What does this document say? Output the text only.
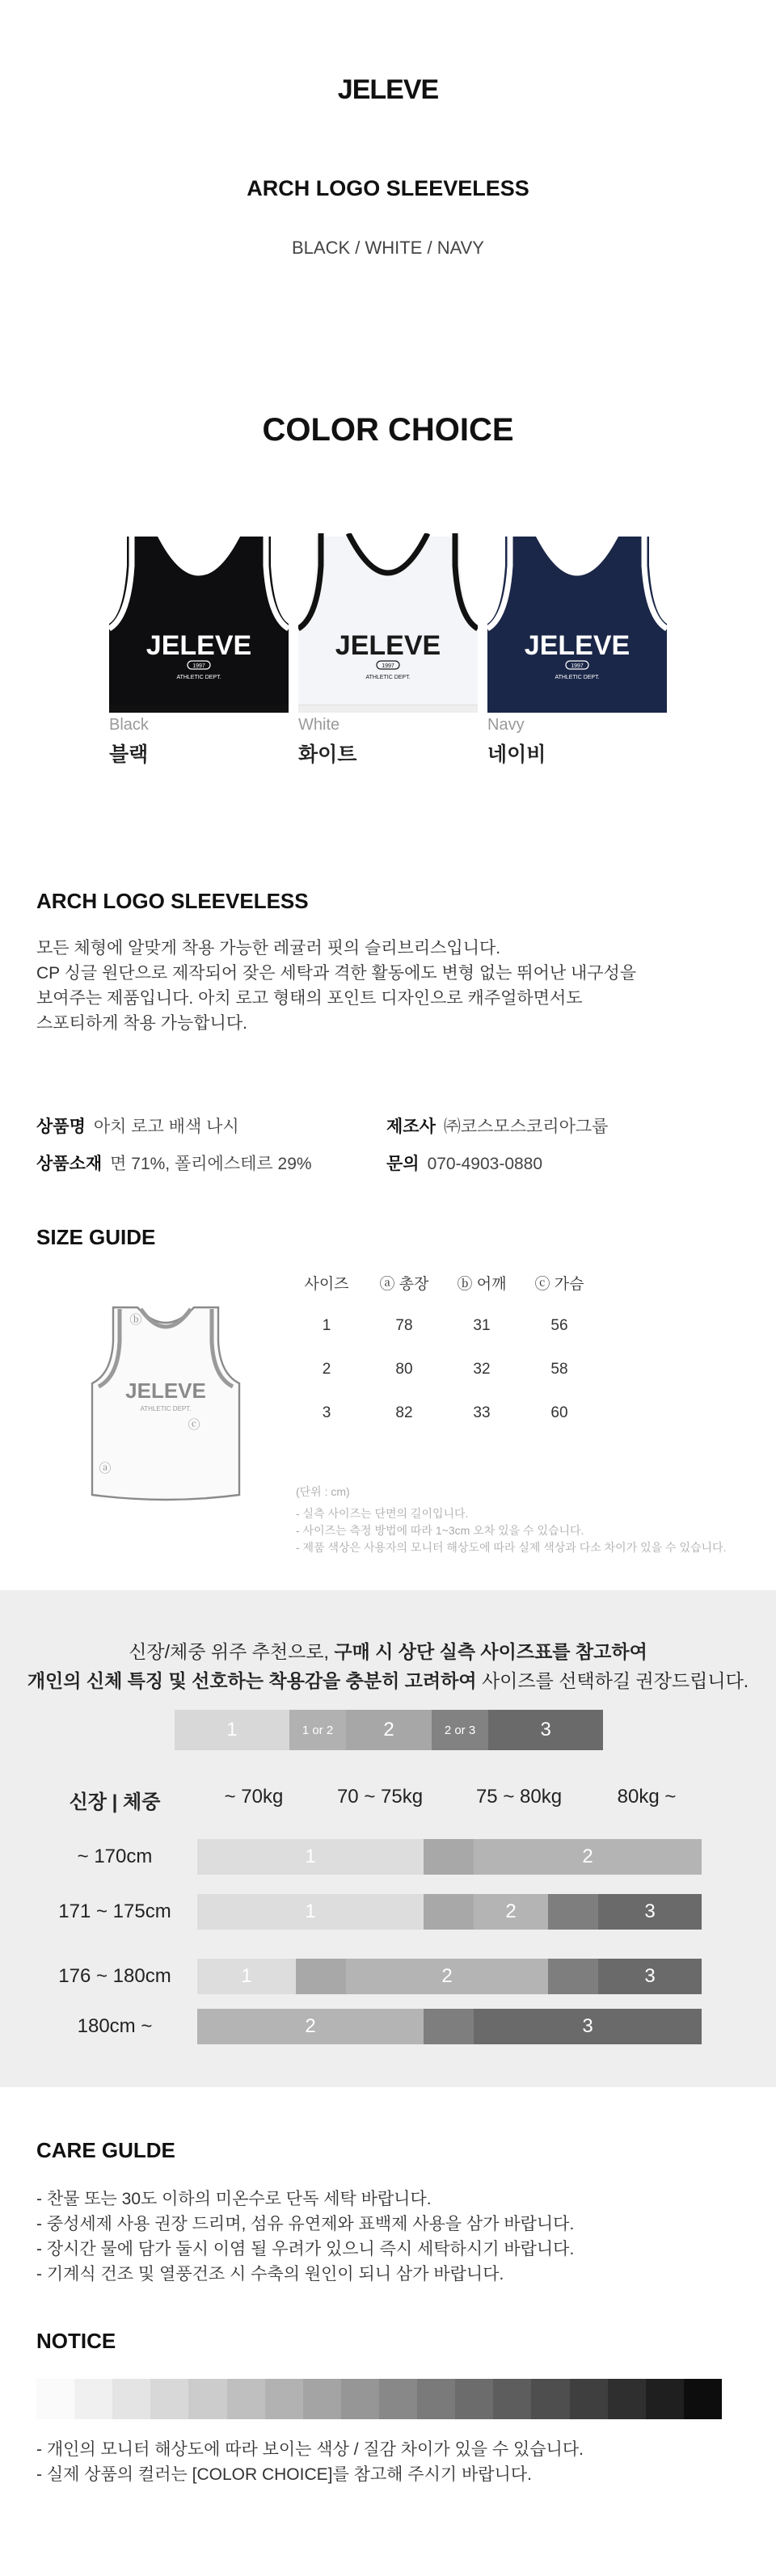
JELEVE
ARCH LOGO SLEEVELESS
BLACK / WHITE / NAVY
COLOR CHOICE
JELEVE
1997
ATHLETIC DEPT.
Black
블랙
JELEVE
1997
ATHLETIC DEPT.
White
화이트
JELEVE
1997
ATHLETIC DEPT.
Navy
네이비
ARCH LOGO SLEEVELESS
모든 체형에 알맞게 착용 가능한 레귤러 핏의 슬리브리스입니다.
CP 싱글 원단으로 제작되어 잦은 세탁과 격한 활동에도 변형 없는 뛰어난 내구성을
보여주는 제품입니다. 아치 로고 형태의 포인트 디자인으로 캐주얼하면서도
스포티하게 착용 가능합니다.
상품명 아치 로고 배색 나시	제조사 ㈜코스모스코리아그룹
상품소재 면 71%, 폴리에스테르 29%	문의 070-4903-0880
SIZE GUIDE
JELEVE
ATHLETIC DEPT.
ⓑ
ⓒ
ⓐ
사이즈	ⓐ 총장	ⓑ 어깨	ⓒ 가슴
1	78	31	56
2	80	32	58
3	82	33	60
(단위 : cm)
- 실측 사이즈는 단면의 길이입니다.
- 사이즈는 측정 방법에 따라 1~3cm 오차 있을 수 있습니다.
- 제품 색상은 사용자의 모니터 해상도에 따라 실제 색상과 다소 차이가 있을 수 있습니다.
신장/체중 위주 추천으로, 구매 시 상단 실측 사이즈표를 참고하여
개인의 신체 특징 및 선호하는 착용감을 충분히 고려하여 사이즈를 선택하길 권장드립니다.
1	1 or 2	2	2 or 3	3
신장 | 체중	~ 70kg	70 ~ 75kg	75 ~ 80kg	80kg ~
~ 170cm	1	2
171 ~ 175cm	1	2	3
176 ~ 180cm	1	2	3
180cm ~	2	3
CARE GULDE
- 찬물 또는 30도 이하의 미온수로 단독 세탁 바랍니다.
- 중성세제 사용 권장 드리며, 섬유 유연제와 표백제 사용을 삼가 바랍니다.
- 장시간 물에 담가 둘시 이염 될 우려가 있으니 즉시 세탁하시기 바랍니다.
- 기계식 건조 및 열풍건조 시 수축의 원인이 되니 삼가 바랍니다.
NOTICE
- 개인의 모니터 해상도에 따라 보이는 색상 / 질감 차이가 있을 수 있습니다.
- 실제 상품의 컬러는 [COLOR CHOICE]를 참고해 주시기 바랍니다.
